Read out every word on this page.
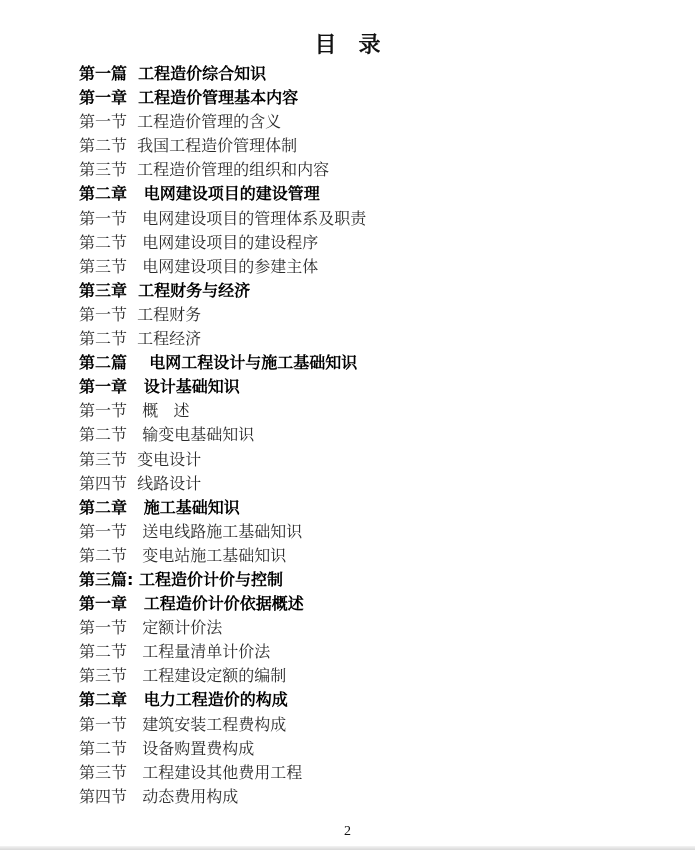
目　录
第一篇  工程造价综合知识
第一章  工程造价管理基本内容
第一节  工程造价管理的含义
第二节  我国工程造价管理体制
第三节  工程造价管理的组织和内容
第二章   电网建设项目的建设管理
第一节   电网建设项目的管理体系及职责
第二节   电网建设项目的建设程序
第三节   电网建设项目的参建主体
第三章  工程财务与经济
第一节  工程财务
第二节  工程经济
第二篇    电网工程设计与施工基础知识
第一章   设计基础知识
第一节   概   述
第二节   输变电基础知识
第三节  变电设计
第四节  线路设计
第二章   施工基础知识
第一节   送电线路施工基础知识
第二节   变电站施工基础知识
第三篇: 工程造价计价与控制
第一章   工程造价计价依据概述
第一节   定额计价法
第二节   工程量清单计价法
第三节   工程建设定额的编制
第二章   电力工程造价的构成
第一节   建筑安装工程费构成
第二节   设备购置费构成
第三节   工程建设其他费用工程
第四节   动态费用构成
2
